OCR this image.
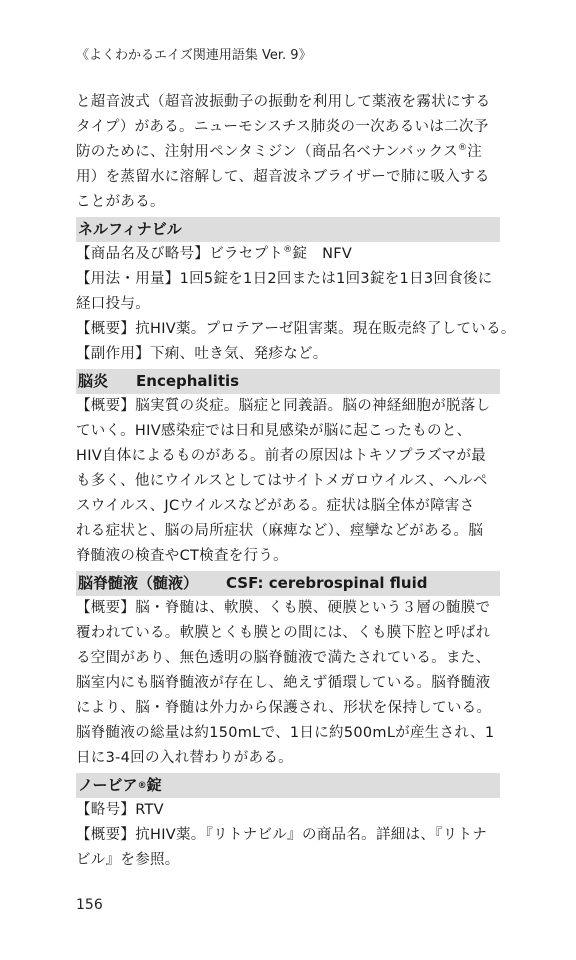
《よくわかるエイズ関連用語集 Ver. 9》
と超音波式（超音波振動子の振動を利用して薬液を霧状にする
タイプ）がある。ニューモシスチス肺炎の一次あるいは二次予
防のために、注射用ペンタミジン（商品名ベナンバックス®注
用）を蒸留水に溶解して、超音波ネブライザーで肺に吸入する
ことがある。
ネルフィナビル
【商品名及び略号】ビラセプト®錠　NFV
【用法・用量】1回5錠を1日2回または1回3錠を1日3回食後に
経口投与。
【概要】抗HIV薬。プロテアーゼ阻害薬。現在販売終了している。
【副作用】下痢、吐き気、発疹など。
脳炎 Encephalitis
【概要】脳実質の炎症。脳症と同義語。脳の神経細胞が脱落し
ていく。HIV感染症では日和見感染が脳に起こったものと、
HIV自体によるものがある。前者の原因はトキソプラズマが最
も多く、他にウイルスとしてはサイトメガロウイルス、ヘルペ
スウイルス、JCウイルスなどがある。症状は脳全体が障害さ
れる症状と、脳の局所症状（麻痺など）、痙攣などがある。脳
脊髄液の検査やCT検査を行う。
脳脊髄液（髄液） CSF: cerebrospinal fluid
【概要】脳・脊髄は、軟膜、くも膜、硬膜という３層の髄膜で
覆われている。軟膜とくも膜との間には、くも膜下腔と呼ばれ
る空間があり、無色透明の脳脊髄液で満たされている。また、
脳室内にも脳脊髄液が存在し、絶えず循環している。脳脊髄液
により、脳・脊髄は外力から保護され、形状を保持している。
脳脊髄液の総量は約150mLで、1日に約500mLが産生され、1
日に3-4回の入れ替わりがある。
ノービア ® 錠
【略号】RTV
【概要】抗HIV薬。『リトナビル』の商品名。詳細は、『リトナ
ビル』を参照。
156
